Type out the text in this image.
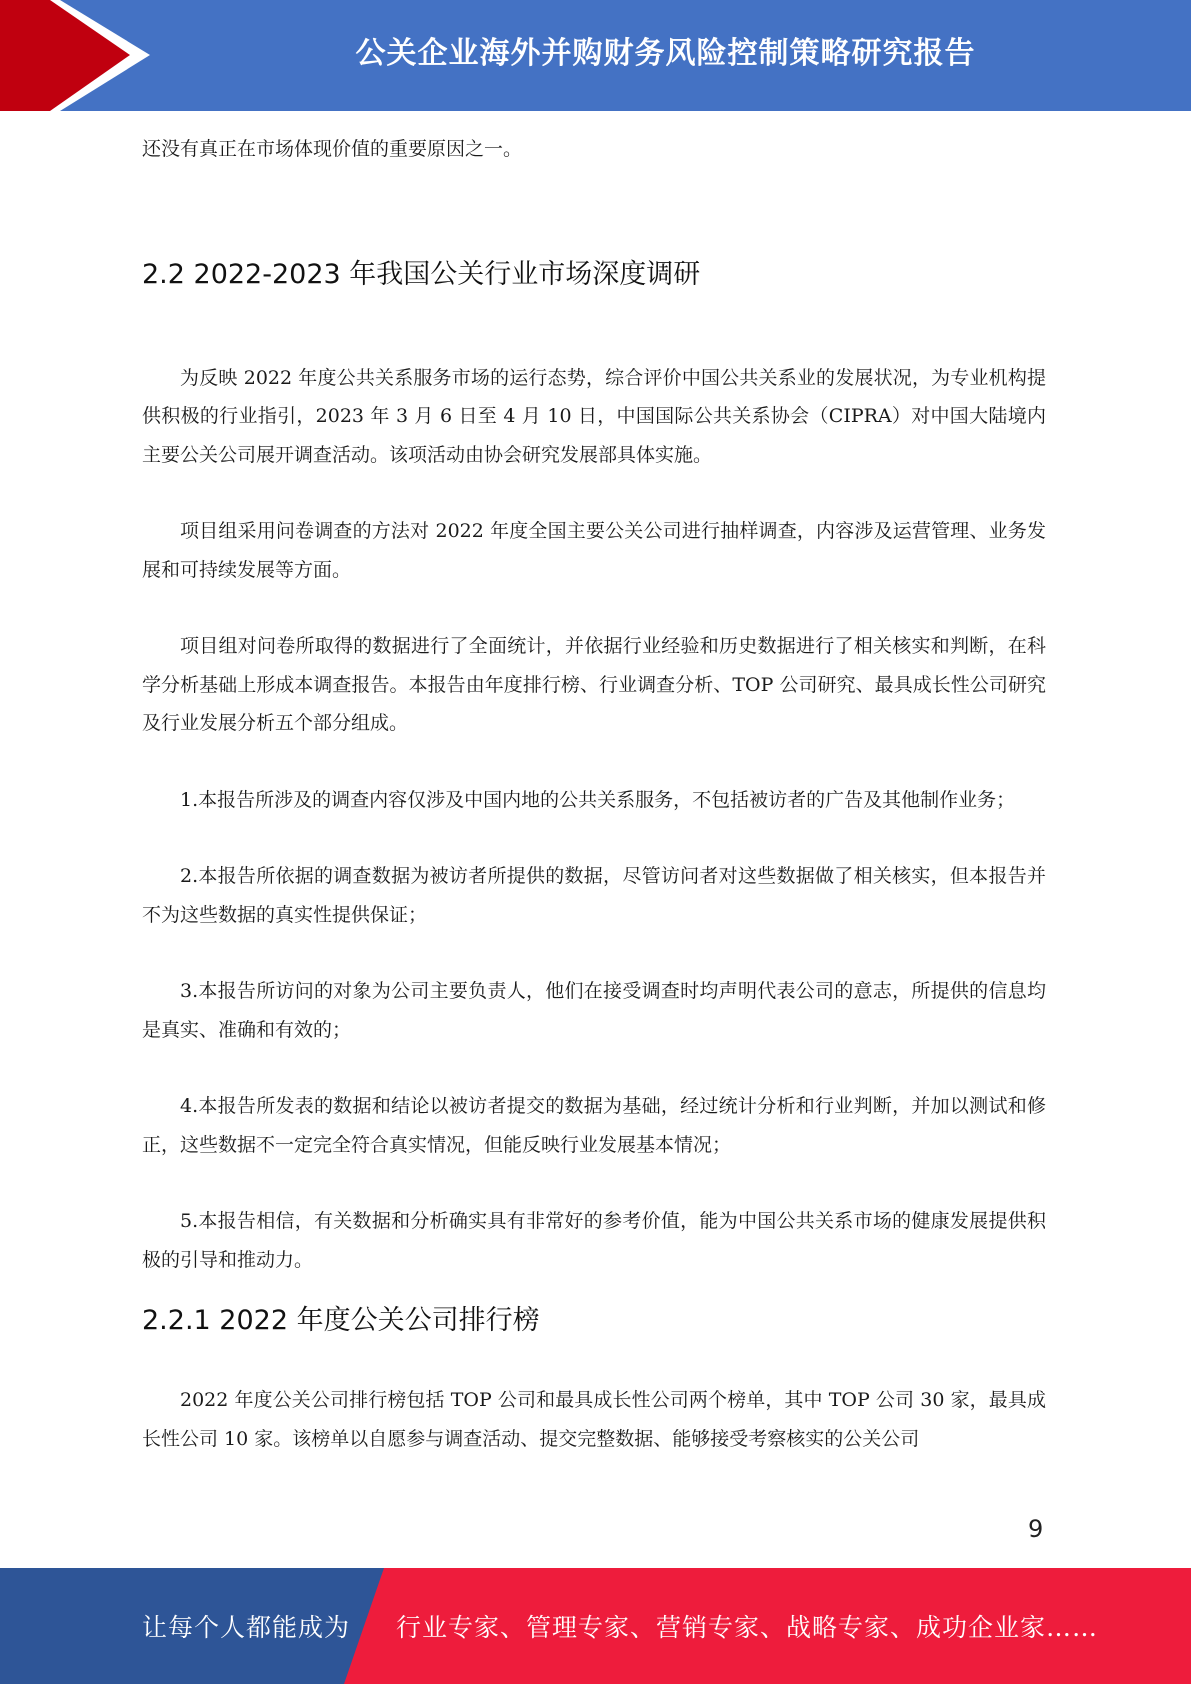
公关企业海外并购财务风险控制策略研究报告

还没有真正在市场体现价值的重要原因之一。

2.2 2022-2023 年我国公关行业市场深度调研

为反映 2022 年度公共关系服务市场的运行态势，综合评价中国公共关系业的发展状况，为专业机构提供积极的行业指引，2023 年 3 月 6 日至 4 月 10 日，中国国际公共关系协会（CIPRA）对中国大陆境内主要公关公司展开调查活动。该项活动由协会研究发展部具体实施。

项目组采用问卷调查的方法对 2022 年度全国主要公关公司进行抽样调查，内容涉及运营管理、业务发展和可持续发展等方面。

项目组对问卷所取得的数据进行了全面统计，并依据行业经验和历史数据进行了相关核实和判断，在科学分析基础上形成本调查报告。本报告由年度排行榜、行业调查分析、TOP 公司研究、最具成长性公司研究及行业发展分析五个部分组成。

1.本报告所涉及的调查内容仅涉及中国内地的公共关系服务，不包括被访者的广告及其他制作业务；

2.本报告所依据的调查数据为被访者所提供的数据，尽管访问者对这些数据做了相关核实，但本报告并不为这些数据的真实性提供保证；

3.本报告所访问的对象为公司主要负责人，他们在接受调查时均声明代表公司的意志，所提供的信息均是真实、准确和有效的；

4.本报告所发表的数据和结论以被访者提交的数据为基础，经过统计分析和行业判断，并加以测试和修正，这些数据不一定完全符合真实情况，但能反映行业发展基本情况；

5.本报告相信，有关数据和分析确实具有非常好的参考价值，能为中国公共关系市场的健康发展提供积极的引导和推动力。

2.2.1 2022 年度公关公司排行榜

2022 年度公关公司排行榜包括 TOP 公司和最具成长性公司两个榜单，其中 TOP 公司 30 家，最具成长性公司 10 家。该榜单以自愿参与调查活动、提交完整数据、能够接受考察核实的公关公司

9
让每个人都能成为 行业专家、管理专家、营销专家、战略专家、成功企业家……
